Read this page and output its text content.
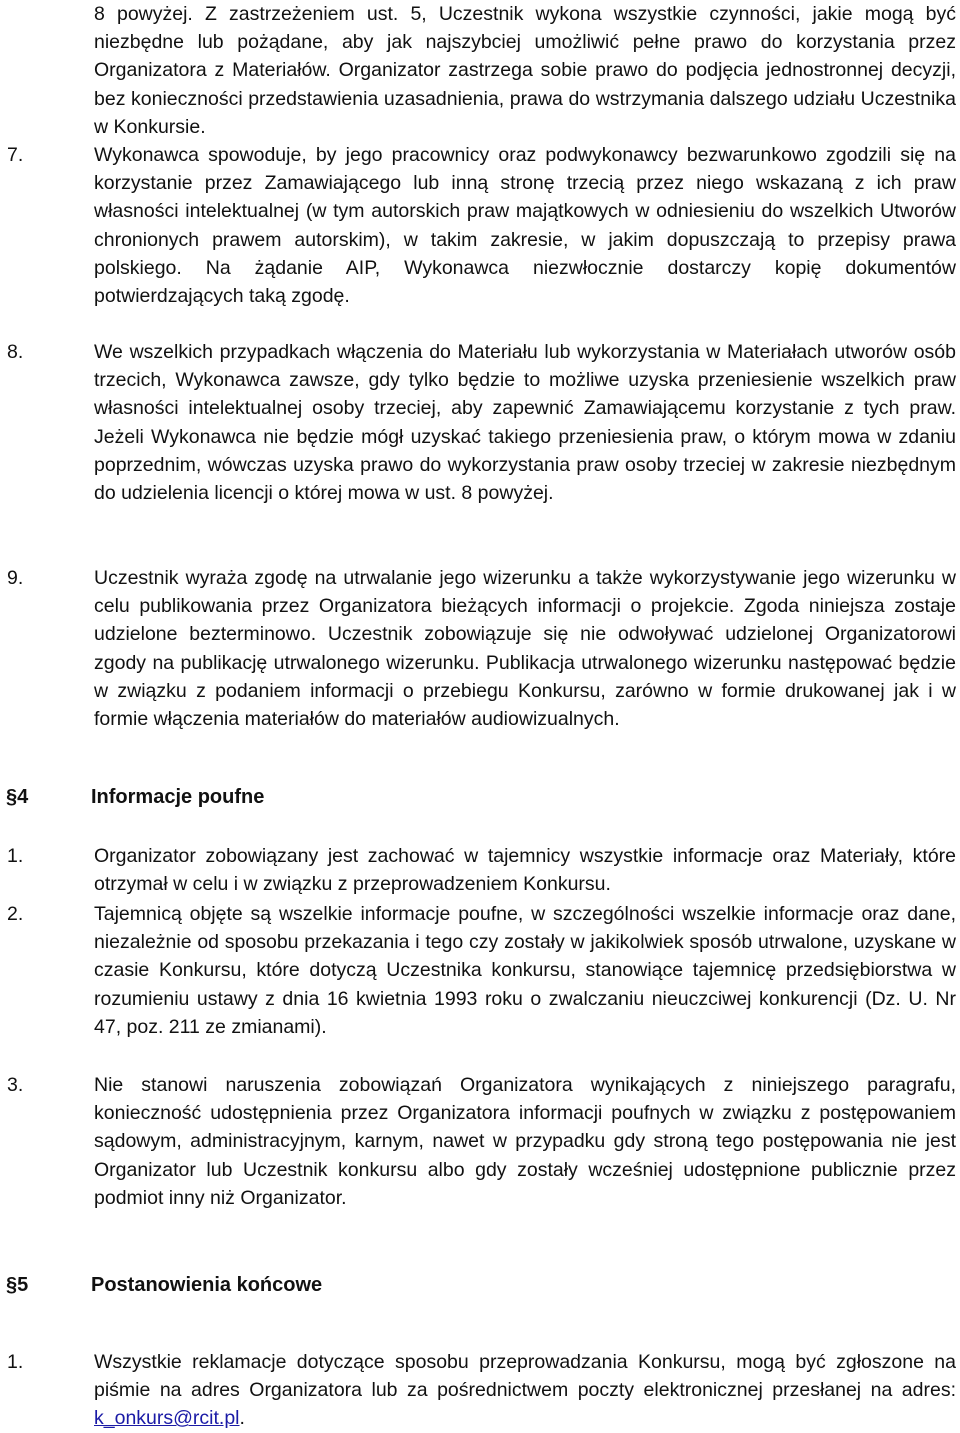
8 powyżej. Z zastrzeżeniem ust. 5, Uczestnik wykona wszystkie czynności, jakie mogą być niezbędne lub pożądane, aby jak najszybciej umożliwić pełne prawo do korzystania przez Organizatora z Materiałów. Organizator zastrzega sobie prawo do podjęcia jednostronnej decyzji, bez konieczności przedstawienia uzasadnienia, prawa do wstrzymania dalszego udziału Uczestnika w Konkursie.
7.	Wykonawca spowoduje, by jego pracownicy oraz podwykonawcy bezwarunkowo zgodzili się na korzystanie przez Zamawiającego lub inną stronę trzecią przez niego wskazaną z ich praw własności intelektualnej (w tym autorskich praw majątkowych w odniesieniu do wszelkich Utworów chronionych prawem autorskim), w takim zakresie, w jakim dopuszczają to przepisy prawa polskiego. Na żądanie AIP, Wykonawca niezwłocznie dostarczy kopię dokumentów potwierdzających taką zgodę.
8.	We wszelkich przypadkach włączenia do Materiału lub wykorzystania w Materiałach utworów osób trzecich, Wykonawca zawsze, gdy tylko będzie to możliwe uzyska przeniesienie wszelkich praw własności intelektualnej osoby trzeciej, aby zapewnić Zamawiającemu korzystanie z tych praw. Jeżeli Wykonawca nie będzie mógł uzyskać takiego przeniesienia praw, o którym mowa w zdaniu poprzednim, wówczas uzyska prawo do wykorzystania praw osoby trzeciej w zakresie niezbędnym do udzielenia licencji o której mowa w ust. 8 powyżej.
9.	Uczestnik wyraża zgodę na utrwalanie jego wizerunku a także wykorzystywanie jego wizerunku w celu publikowania przez Organizatora bieżących informacji o projekcie. Zgoda niniejsza zostaje udzielone bezterminowo. Uczestnik zobowiązuje się nie odwoływać udzielonej Organizatorowi zgody na publikację utrwalonego wizerunku. Publikacja utrwalonego wizerunku następować będzie w związku z podaniem informacji o przebiegu Konkursu, zarówno w formie drukowanej jak i w formie włączenia materiałów do materiałów audiowizualnych.
§4	Informacje poufne
1.	Organizator zobowiązany jest zachować w tajemnicy wszystkie informacje oraz Materiały, które otrzymał w celu i w związku z przeprowadzeniem Konkursu.
2.	Tajemnicą objęte są wszelkie informacje poufne, w szczególności wszelkie informacje oraz dane, niezależnie od sposobu przekazania i tego czy zostały w jakikolwiek sposób utrwalone, uzyskane w czasie Konkursu, które dotyczą Uczestnika konkursu, stanowiące tajemnicę przedsiębiorstwa w rozumieniu ustawy z dnia 16 kwietnia 1993 roku o zwalczaniu nieuczciwej konkurencji (Dz. U. Nr 47, poz. 211 ze zmianami).
3.	Nie stanowi naruszenia zobowiązań Organizatora wynikających z niniejszego paragrafu, konieczność udostępnienia przez Organizatora informacji poufnych w związku z postępowaniem sądowym, administracyjnym, karnym, nawet w przypadku gdy stroną tego postępowania nie jest Organizator lub Uczestnik konkursu albo gdy zostały wcześniej udostępnione publicznie przez podmiot inny niż Organizator.
§5	Postanowienia końcowe
1.	Wszystkie reklamacje dotyczące sposobu przeprowadzania Konkursu, mogą być zgłoszone na piśmie na adres Organizatora lub za pośrednictwem poczty elektronicznej przesłanej na adres: k_onkurs@rcit.pl.
